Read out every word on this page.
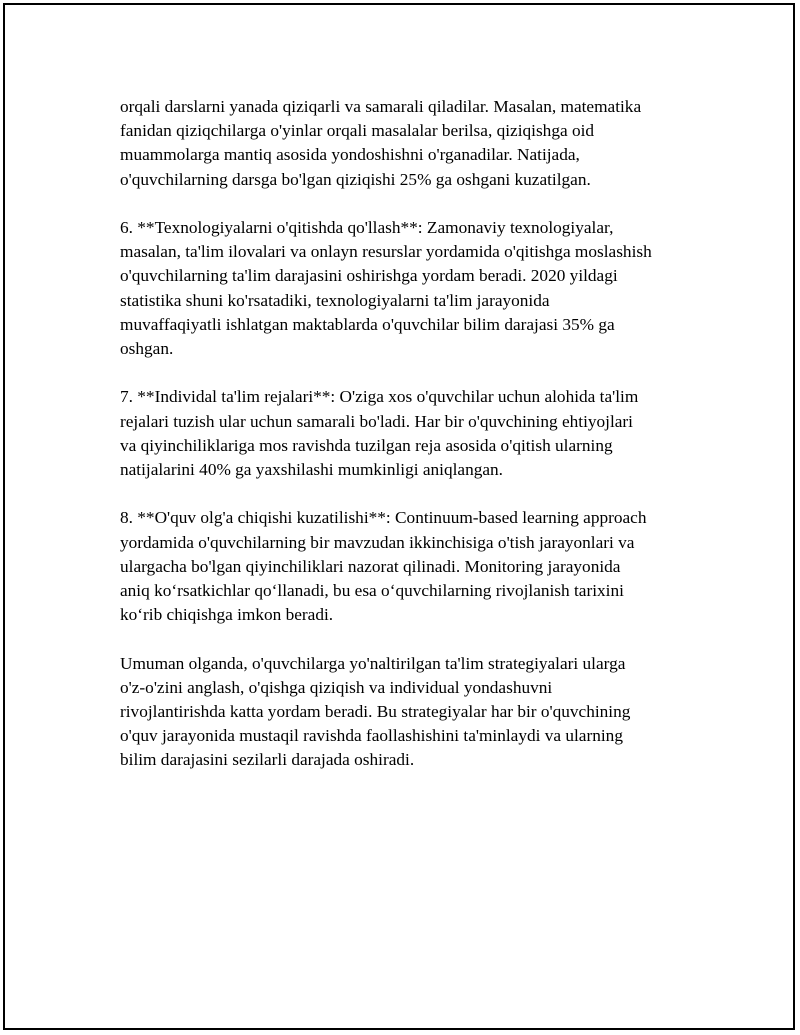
orqali darslarni yanada qiziqarli va samarali qiladilar. Masalan, matematika
fanidan qiziqchilarga o'yinlar orqali masalalar berilsa, qiziqishga oid
muammolarga mantiq asosida yondoshishni o'rganadilar. Natijada,
o'quvchilarning darsga bo'lgan qiziqishi 25% ga oshgani kuzatilgan.

6. **Texnologiyalarni o'qitishda qo'llash**: Zamonaviy texnologiyalar,
masalan, ta'lim ilovalari va onlayn resurslar yordamida o'qitishga moslashish
o'quvchilarning ta'lim darajasini oshirishga yordam beradi. 2020 yildagi
statistika shuni ko'rsatadiki, texnologiyalarni ta'lim jarayonida
muvaffaqiyatli ishlatgan maktablarda o'quvchilar bilim darajasi 35% ga
oshgan.

7. **Individal ta'lim rejalari**: O'ziga xos o'quvchilar uchun alohida ta'lim
rejalari tuzish ular uchun samarali bo'ladi. Har bir o'quvchining ehtiyojlari
va qiyinchiliklariga mos ravishda tuzilgan reja asosida o'qitish ularning
natijalarini 40% ga yaxshilashi mumkinligi aniqlangan.

8. **O'quv olg'a chiqishi kuzatilishi**: Continuum-based learning approach
yordamida o'quvchilarning bir mavzudan ikkinchisiga o'tish jarayonlari va
ulargacha bo'lgan qiyinchiliklari nazorat qilinadi. Monitoring jarayonida
aniq koʻrsatkichlar qoʻllanadi, bu esa oʻquvchilarning rivojlanish tarixini
koʻrib chiqishga imkon beradi.

Umuman olganda, o'quvchilarga yo'naltirilgan ta'lim strategiyalari ularga
o'z-o'zini anglash, o'qishga qiziqish va individual yondashuvni
rivojlantirishda katta yordam beradi. Bu strategiyalar har bir o'quvchining
o'quv jarayonida mustaqil ravishda faollashishini ta'minlaydi va ularning
bilim darajasini sezilarli darajada oshiradi.
